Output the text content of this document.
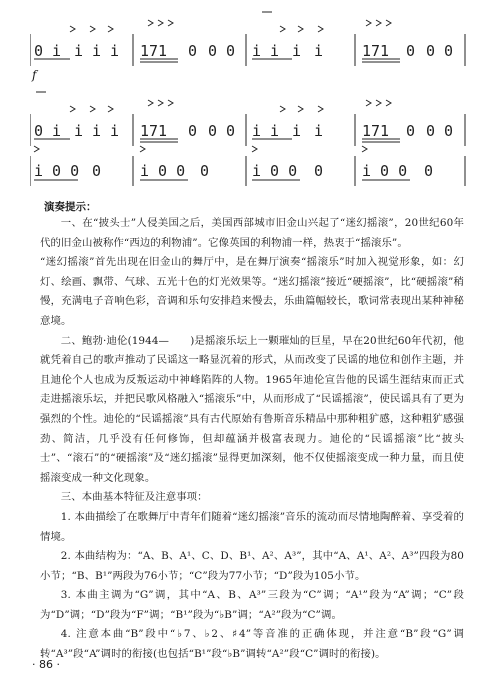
0 i i i i 171 0 0 0 i i i i	171 0 0 0
f
0 i i i i 171 0 0 0 i i i i	171 0 0 0
i 0 0 0	i 0 0 0	i 0 0 0	i 0 0 0
演奏提示：

一、在“披头士”人侵美国之后，美国西部城市旧金山兴起了“迷幻摇滚”，20世纪60年代的旧金山被称作“西边的利物浦”。它像英国的利物浦一样，热衷于“摇滚乐”。

“迷幻摇滚”首先出现在旧金山的舞厅中，是在舞厅演奏“摇滚乐”时加入视觉形象，如：幻灯、绘画、飘带、气球、五光十色的灯光效果等。“迷幻摇滚”接近“硬摇滚”，比“硬摇滚”稍慢，充满电子音响色彩，音调和乐句安排趋来慢去，乐曲篇幅较长，歌词常表现出某种神秘意境。

二、鲍勃·迪伦(1944—　　)是摇滚乐坛上一颗璀灿的巨星，早在20世纪60年代初，他就凭着自己的歌声推动了民谣这一略显沉着的形式，从而改变了民谣的地位和创作主题，并且迪伦个人也成为反叛运动中神峰陷阵的人物。1965年迪伦宣告他的民谣生涯结束而正式走进摇滚乐坛，并把民歌风格融入“摇滚乐”中，从而形成了“民谣摇滚”，使民谣具有了更为强烈的个性。迪伦的“民谣摇滚”具有古代原始有鲁斯音乐精品中那种粗犷感，这种粗犷感强劲、简洁，几乎没有任何修饰，但却蕴涵并极富表现力。迪伦的“民谣摇滚”比“披头士”、“滚石”的“硬摇滚”及“迷幻摇滚”显得更加深刻，他不仅使摇滚变成一种力量，而且使摇滚变成一种文化现象。

三、本曲基本特征及注意事项：

1. 本曲描绘了在歌舞厅中青年们随着“迷幻摇滚”音乐的流动而尽情地陶醉着、享受着的情境。

2. 本曲结构为：“A、B、A¹、C、D、B¹、A²、A³”，其中“A、A¹、A²、A³”四段为80小节；“B、B¹”两段为76小节；“C”段为77小节；“D”段为105小节。

3. 本曲主调为“G”调，其中“A、B、A³”三段为“C”调；“A¹”段为“A”调；“C”段为“D”调；“D”段为“F”调；“B¹”段为“♭B”调；“A²”段为“C”调。

4. 注意本曲“B”段中“♭7、♭2、♯4”等音准的正确体现，并注意“B”段“G”调转“A³”段“A”调时的衔接(也包括“B¹”段“♭B”调转“A²”段“C”调时的衔接)。

· 86 ·
